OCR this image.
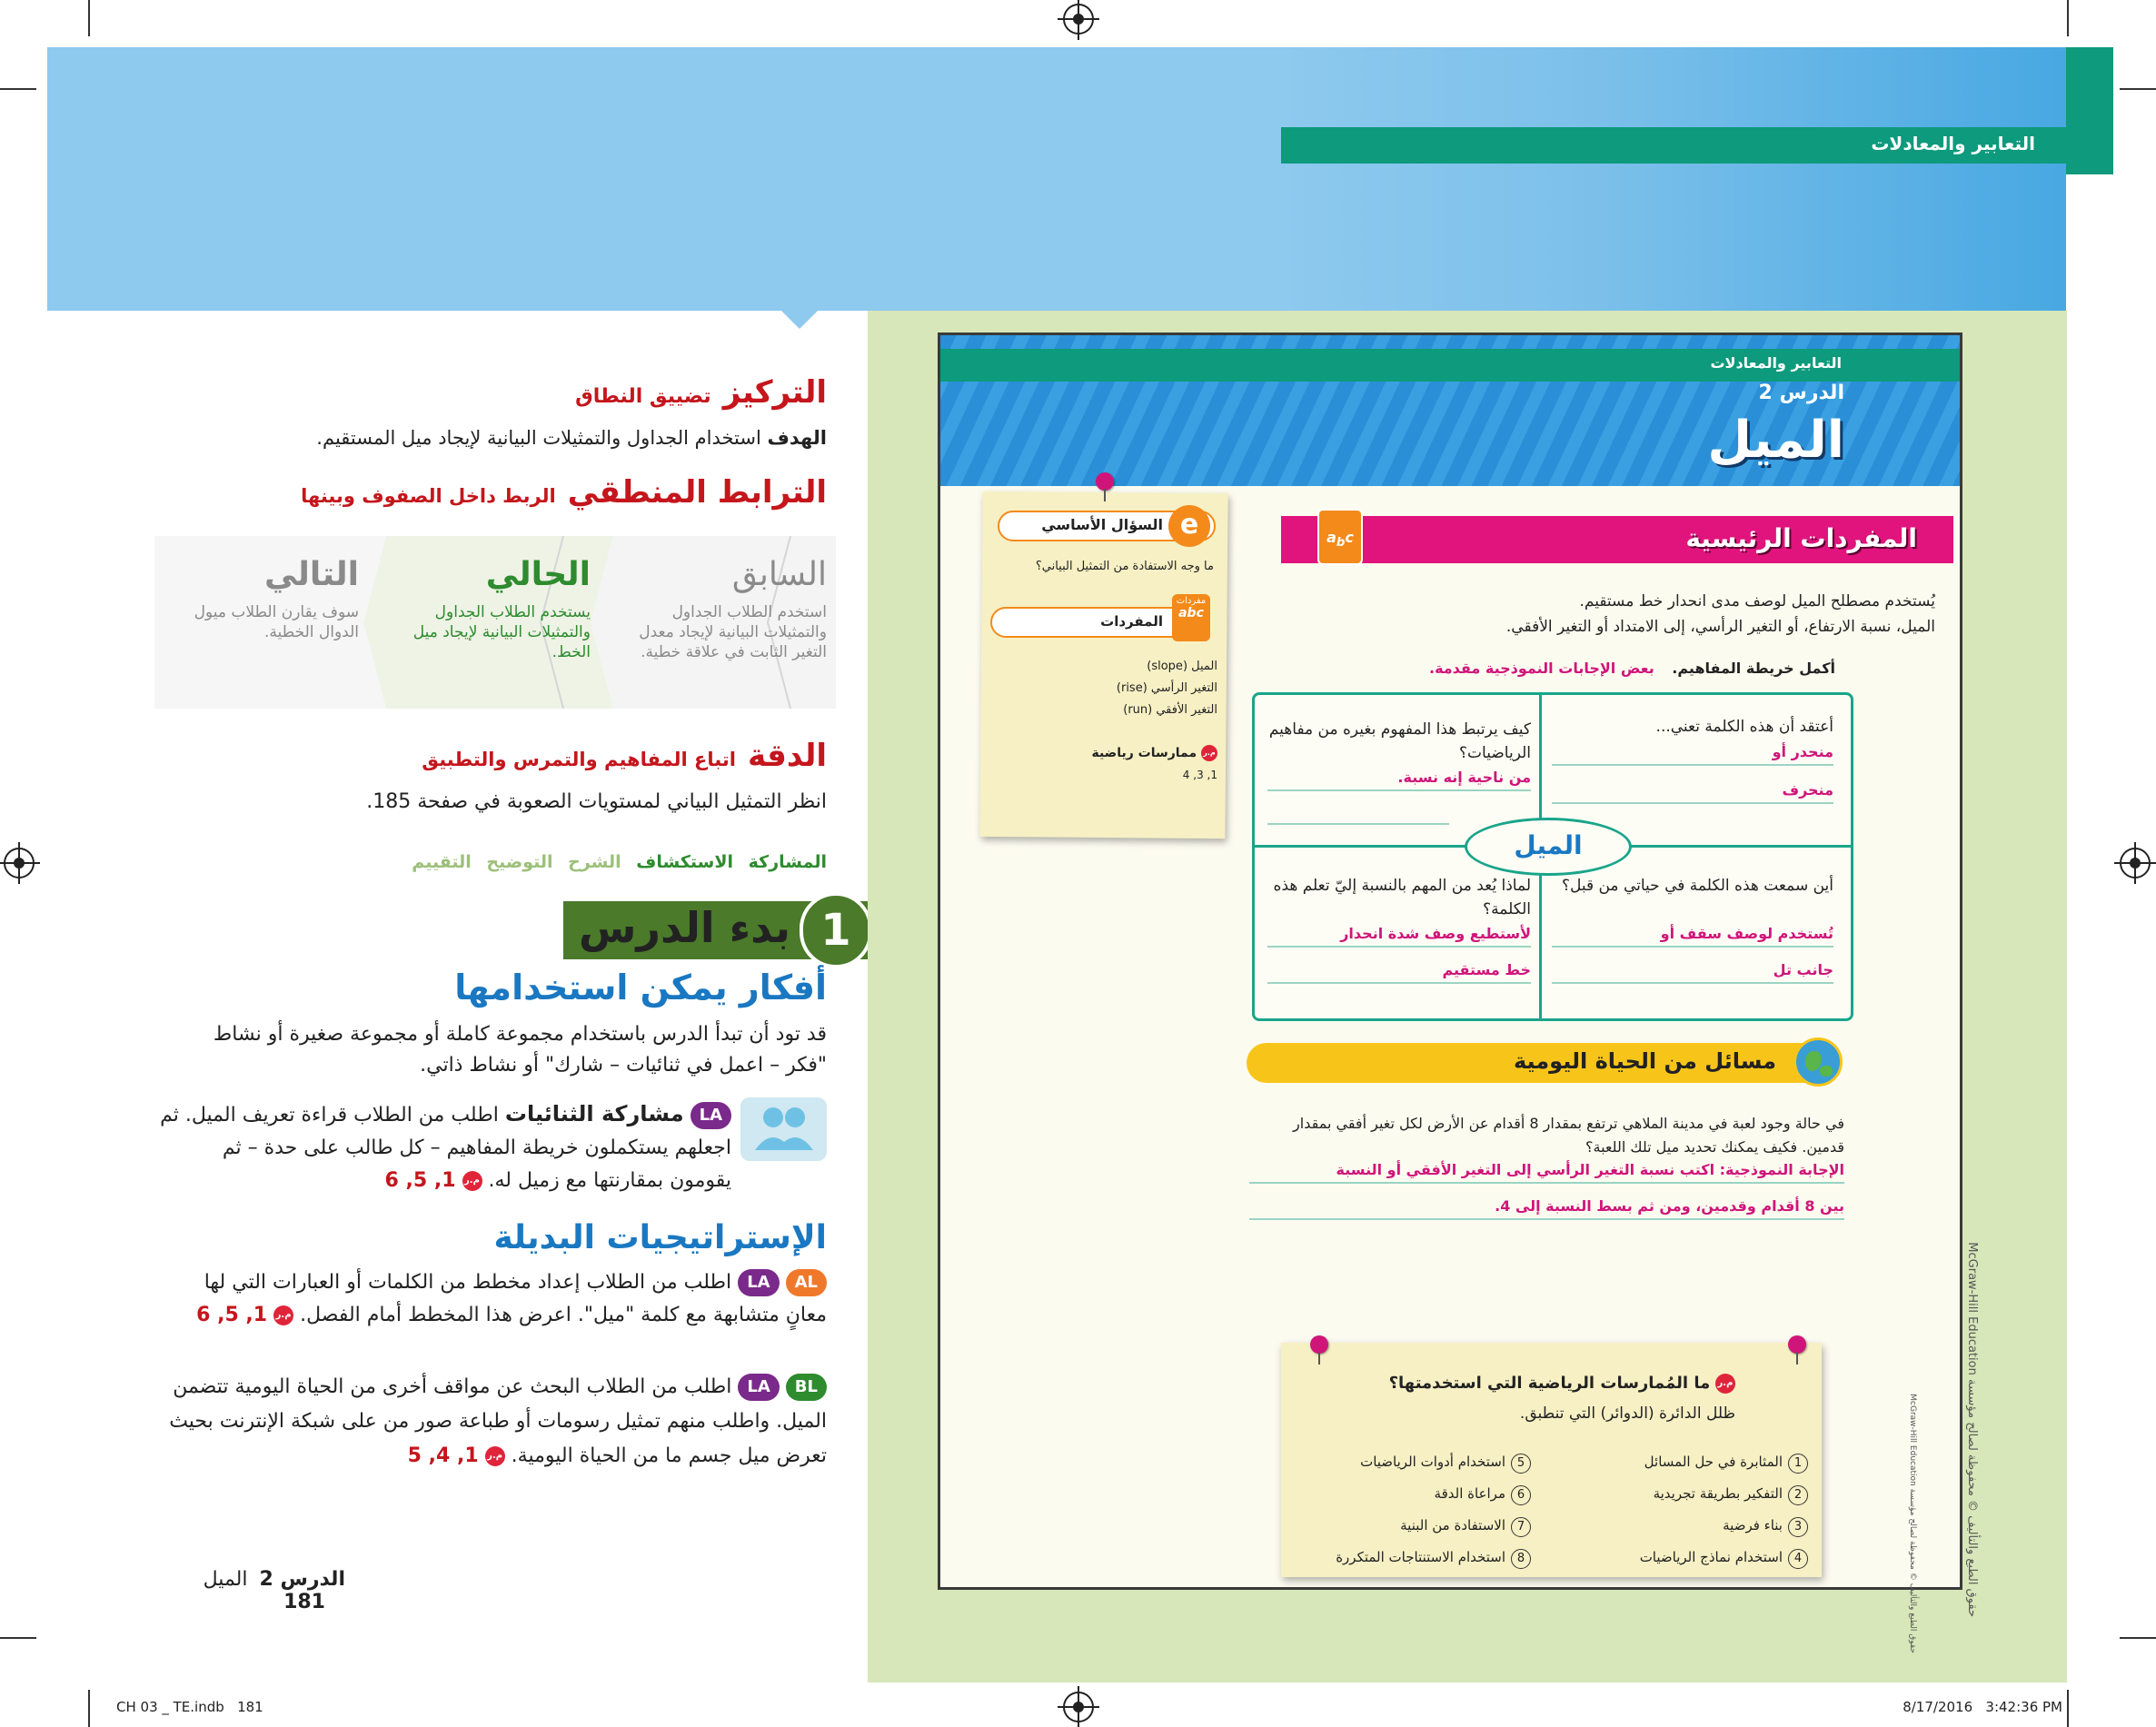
التعابير والمعادلات
التركيز تضييق النطاق
الهدف استخدام الجداول والتمثيلات البيانية لإيجاد ميل المستقيم.
الترابط المنطقي الربط داخل الصفوف وبينها
السابق
استخدم الطلاب الجداول والتمثيلات البيانية لإيجاد معدل التغير الثابت في علاقة خطية.
الحالي
يستخدم الطلاب الجداول والتمثيلات البيانية لإيجاد ميل الخط.
التالي
سوف يقارن الطلاب ميول الدوال الخطية.
الدقة اتباع المفاهيم والتمرس والتطبيق
انظر التمثيل البياني لمستويات الصعوبة في صفحة 185.
المشاركة الاستكشاف الشرح التوضيح التقييم
1
بدء الدرس
أفكار يمكن استخدامها
قد تود أن تبدأ الدرس باستخدام مجموعة كاملة أو مجموعة صغيرة أو نشاط "فكر – اعمل في ثنائيات – شارك" أو نشاط ذاتي.
LA مشاركة الثنائيات اطلب من الطلاب قراءة تعريف الميل. ثم اجعلهم يستكملون خريطة المفاهيم – كل طالب على حدة – ثم يقومون بمقارنتها مع زميل له. م.ر 1, 5, 6
الإستراتيجيات البديلة
AL LA اطلب من الطلاب إعداد مخطط من الكلمات أو العبارات التي لها معانٍ متشابهة مع كلمة "ميل". اعرض هذا المخطط أمام الفصل. م.ر 1, 5, 6
BL LA اطلب من الطلاب البحث عن مواقف أخرى من الحياة اليومية تتضمن الميل. واطلب منهم تمثيل رسومات أو طباعة صور من على شبكة الإنترنت بحيث تعرض ميل جسم ما من الحياة اليومية. م.ر 1, 4, 5
الدرس 2 الميل 181
التعابير والمعادلات
الدرس 2
الميل
المفردات الرئيسية
$a_bc$
يُستخدم مصطلح الميل لوصف مدى انحدار خط مستقيم.
الميل، نسبة الارتفاع، أو التغير الرأسي، إلى الامتداد أو التغير الأفقي.
أكمل خريطة المفاهيم. بعض الإجابات النموذجية مقدمة.
الميل
أعتقد أن هذه الكلمة تعني...
منحدر أو
منحرف
كيف يرتبط هذا المفهوم بغيره من مفاهيم الرياضيات؟
من ناحية إنه نسبة.
أين سمعت هذه الكلمة في حياتي من قبل؟
تُستخدم لوصف سقف أو
جانب تل
لماذا يُعد من المهم بالنسبة إليّ تعلم هذه الكلمة؟
لأستطيع وصف شدة انحدار
خط مستقيم
مسائل من الحياة اليومية
في حالة وجود لعبة في مدينة الملاهي ترتفع بمقدار 8 أقدام عن الأرض لكل تغير أفقي بمقدار قدمين. فكيف يمكنك تحديد ميل تلك اللعبة؟
الإجابة النموذجية: اكتب نسبة التغير الرأسي إلى التغير الأفقي أو النسبة
بين 8 أقدام وقدمين، ومن ثم بسط النسبة إلى 4.
e
السؤال الأساسي
ما وجه الاستفادة من التمثيل البياني؟
مفردات
abc
المفردات
الميل (slope)
التغير الرأسي (rise)
التغير الأفقي (run)
م.ر ممارسات رياضية
1, 3, 4
م.ر ما المُمارسات الرياضية التي استخدمتها؟
ظلل الدائرة (الدوائر) التي تنطبق.
1المثابرة في حل المسائل
2التفكير بطريقة تجريدية
3بناء فرضية
4استخدام نماذج الرياضيات
5استخدام أدوات الرياضيات
6مراعاة الدقة
7الاستفادة من البنية
8استخدام الاستنتاجات المتكررة
حقوق الطبع والتأليف © محفوظة لصالح مؤسسة McGraw-Hill Education
حقوق الطبع والتأليف © محفوظة لصالح مؤسسة McGraw-Hill Education
CH 03 _ TE.indb   181	8/17/2016   3:42:36 PM
